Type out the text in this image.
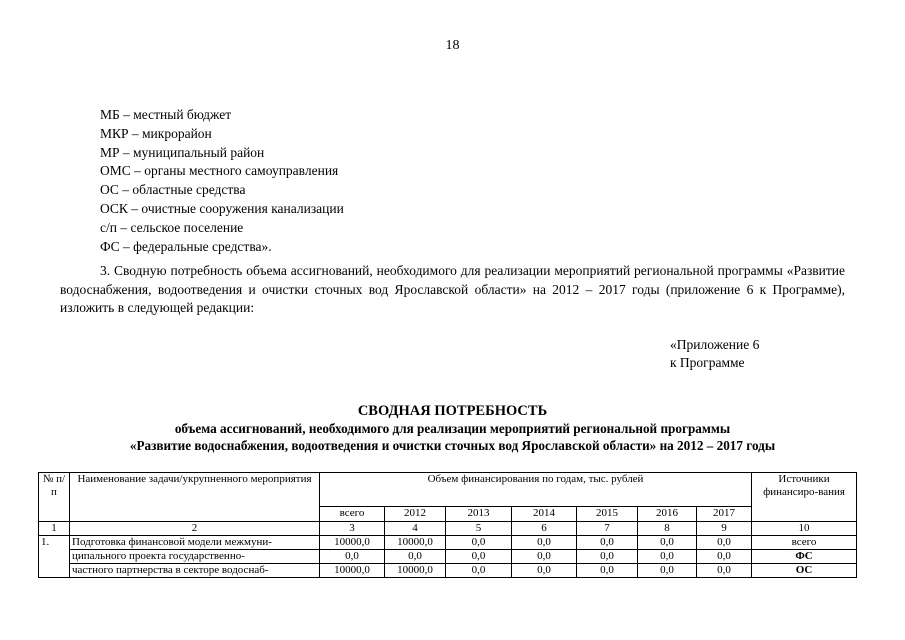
18
МБ – местный бюджет
МКР – микрорайон
МР – муниципальный район
ОМС – органы местного самоуправления
ОС – областные средства
ОСК – очистные сооружения канализации
с/п – сельское поселение
ФС – федеральные средства».
3. Сводную потребность объема ассигнований, необходимого для реализации мероприятий региональной программы «Развитие водоснабжения, водоотведения и очистки сточных вод Ярославской области» на 2012 – 2017 годы (приложение 6 к Программе), изложить в следующей редакции:
«Приложение 6
к Программе
СВОДНАЯ ПОТРЕБНОСТЬ
объема ассигнований, необходимого для реализации мероприятий региональной программы
«Развитие водоснабжения, водоотведения и очистки сточных вод Ярославской области» на 2012 – 2017 годы
№ п/п	Наименование задачи/укрупненного мероприятия	Объем финансирования по годам, тыс. рублей							Источники финансиро-вания
		всего	2012	2013	2014	2015	2016	2017	
1	2	3	4	5	6	7	8	9	10
1.	Подготовка финансовой модели межмуни-	10000,0	10000,0	0,0	0,0	0,0	0,0	0,0	всего
	ципального проекта государственно-	0,0	0,0	0,0	0,0	0,0	0,0	0,0	ФС
	частного партнерства в секторе водоснаб-	10000,0	10000,0	0,0	0,0	0,0	0,0	0,0	ОС
